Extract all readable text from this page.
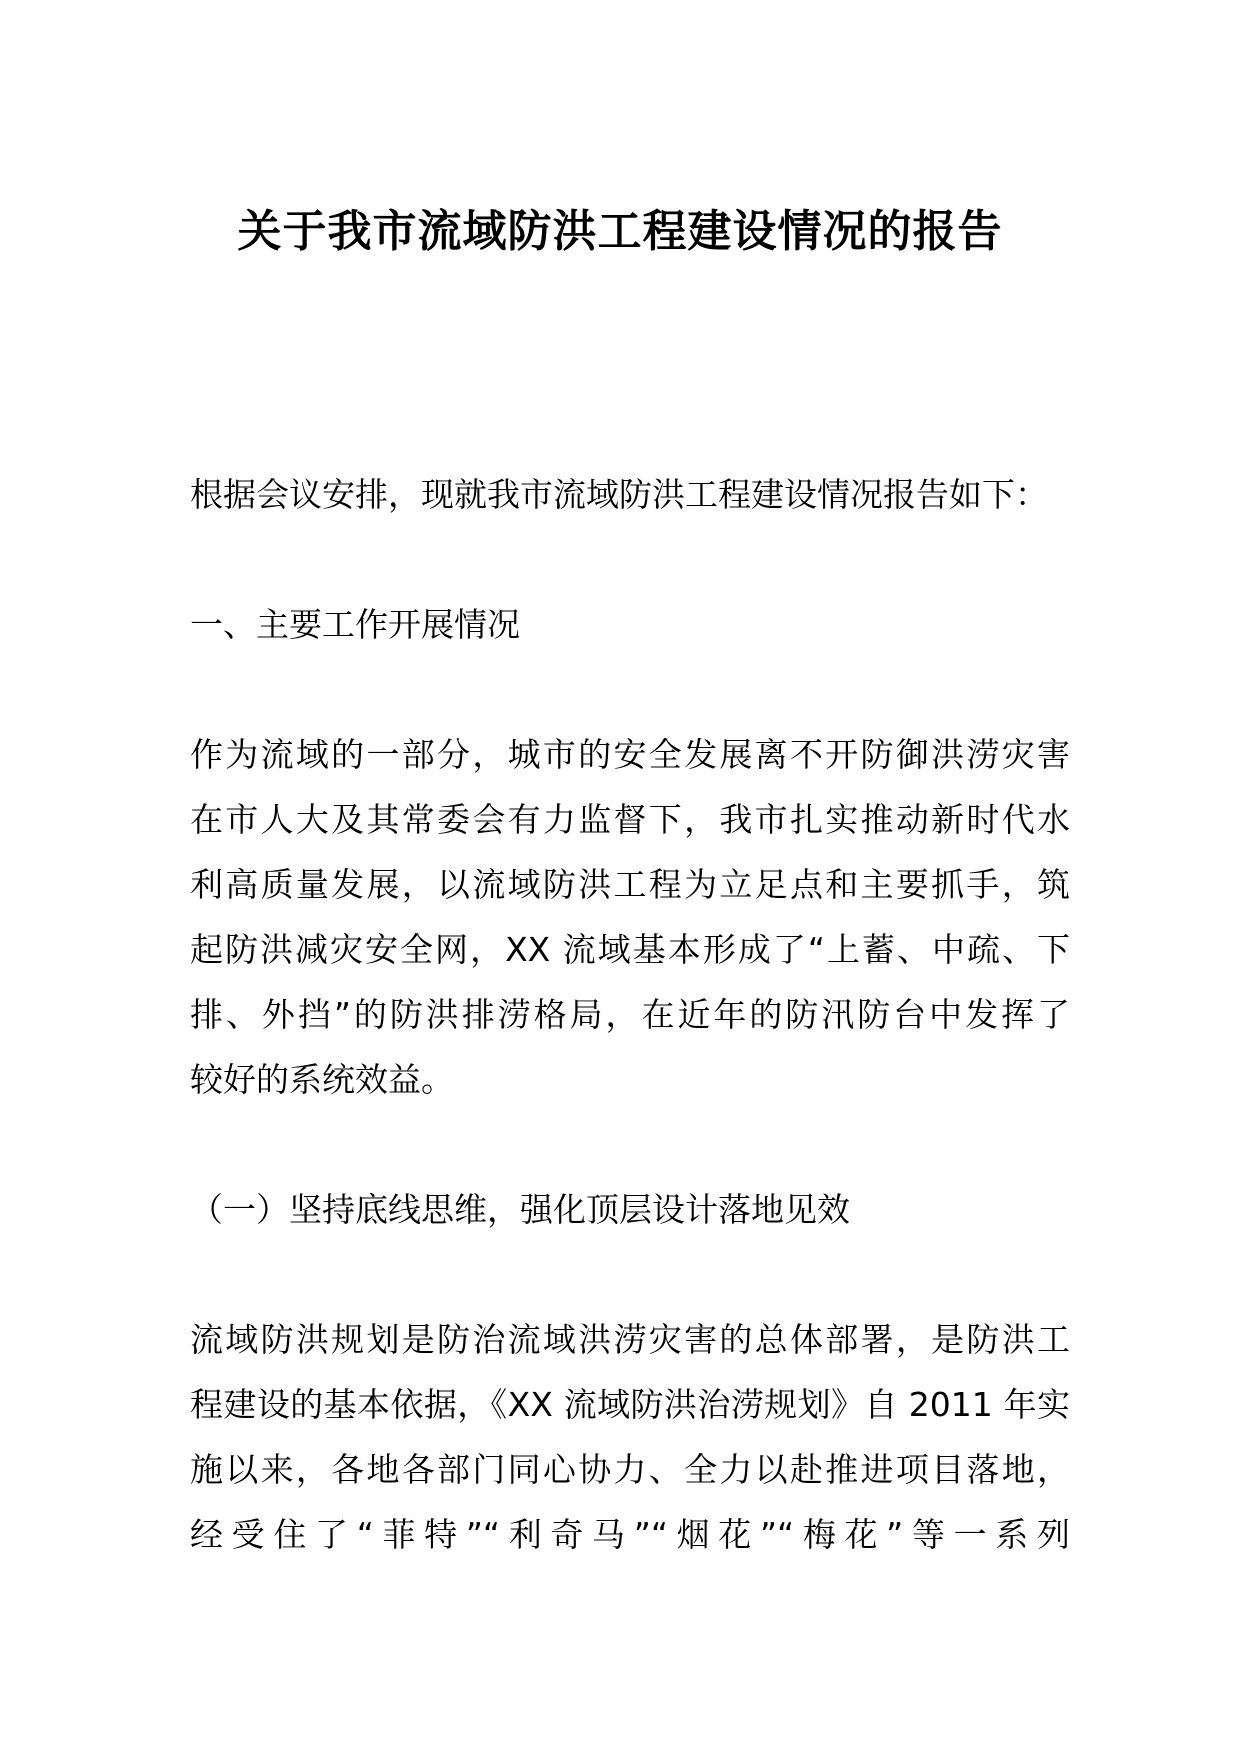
关于我市流域防洪工程建设情况的报告
根据会议安排，现就我市流域防洪工程建设情况报告如下：
一、主要工作开展情况
作为流域的一部分，城市的安全发展离不开防御洪涝灾害
在市人大及其常委会有力监督下，我市扎实推动新时代水
利高质量发展，以流域防洪工程为立足点和主要抓手，筑
起防洪减灾安全网，XX 流域基本形成了“上蓄、中疏、下
排、外挡”的防洪排涝格局，在近年的防汛防台中发挥了
较好的系统效益。
（一）坚持底线思维，强化顶层设计落地见效
流域防洪规划是防治流域洪涝灾害的总体部署，是防洪工
程建设的基本依据，《XX 流域防洪治涝规划》自 2011 年实
施以来，各地各部门同心协力、全力以赴推进项目落地，
经受住了“菲特”“利奇马”“烟花”“梅花”等一系列
